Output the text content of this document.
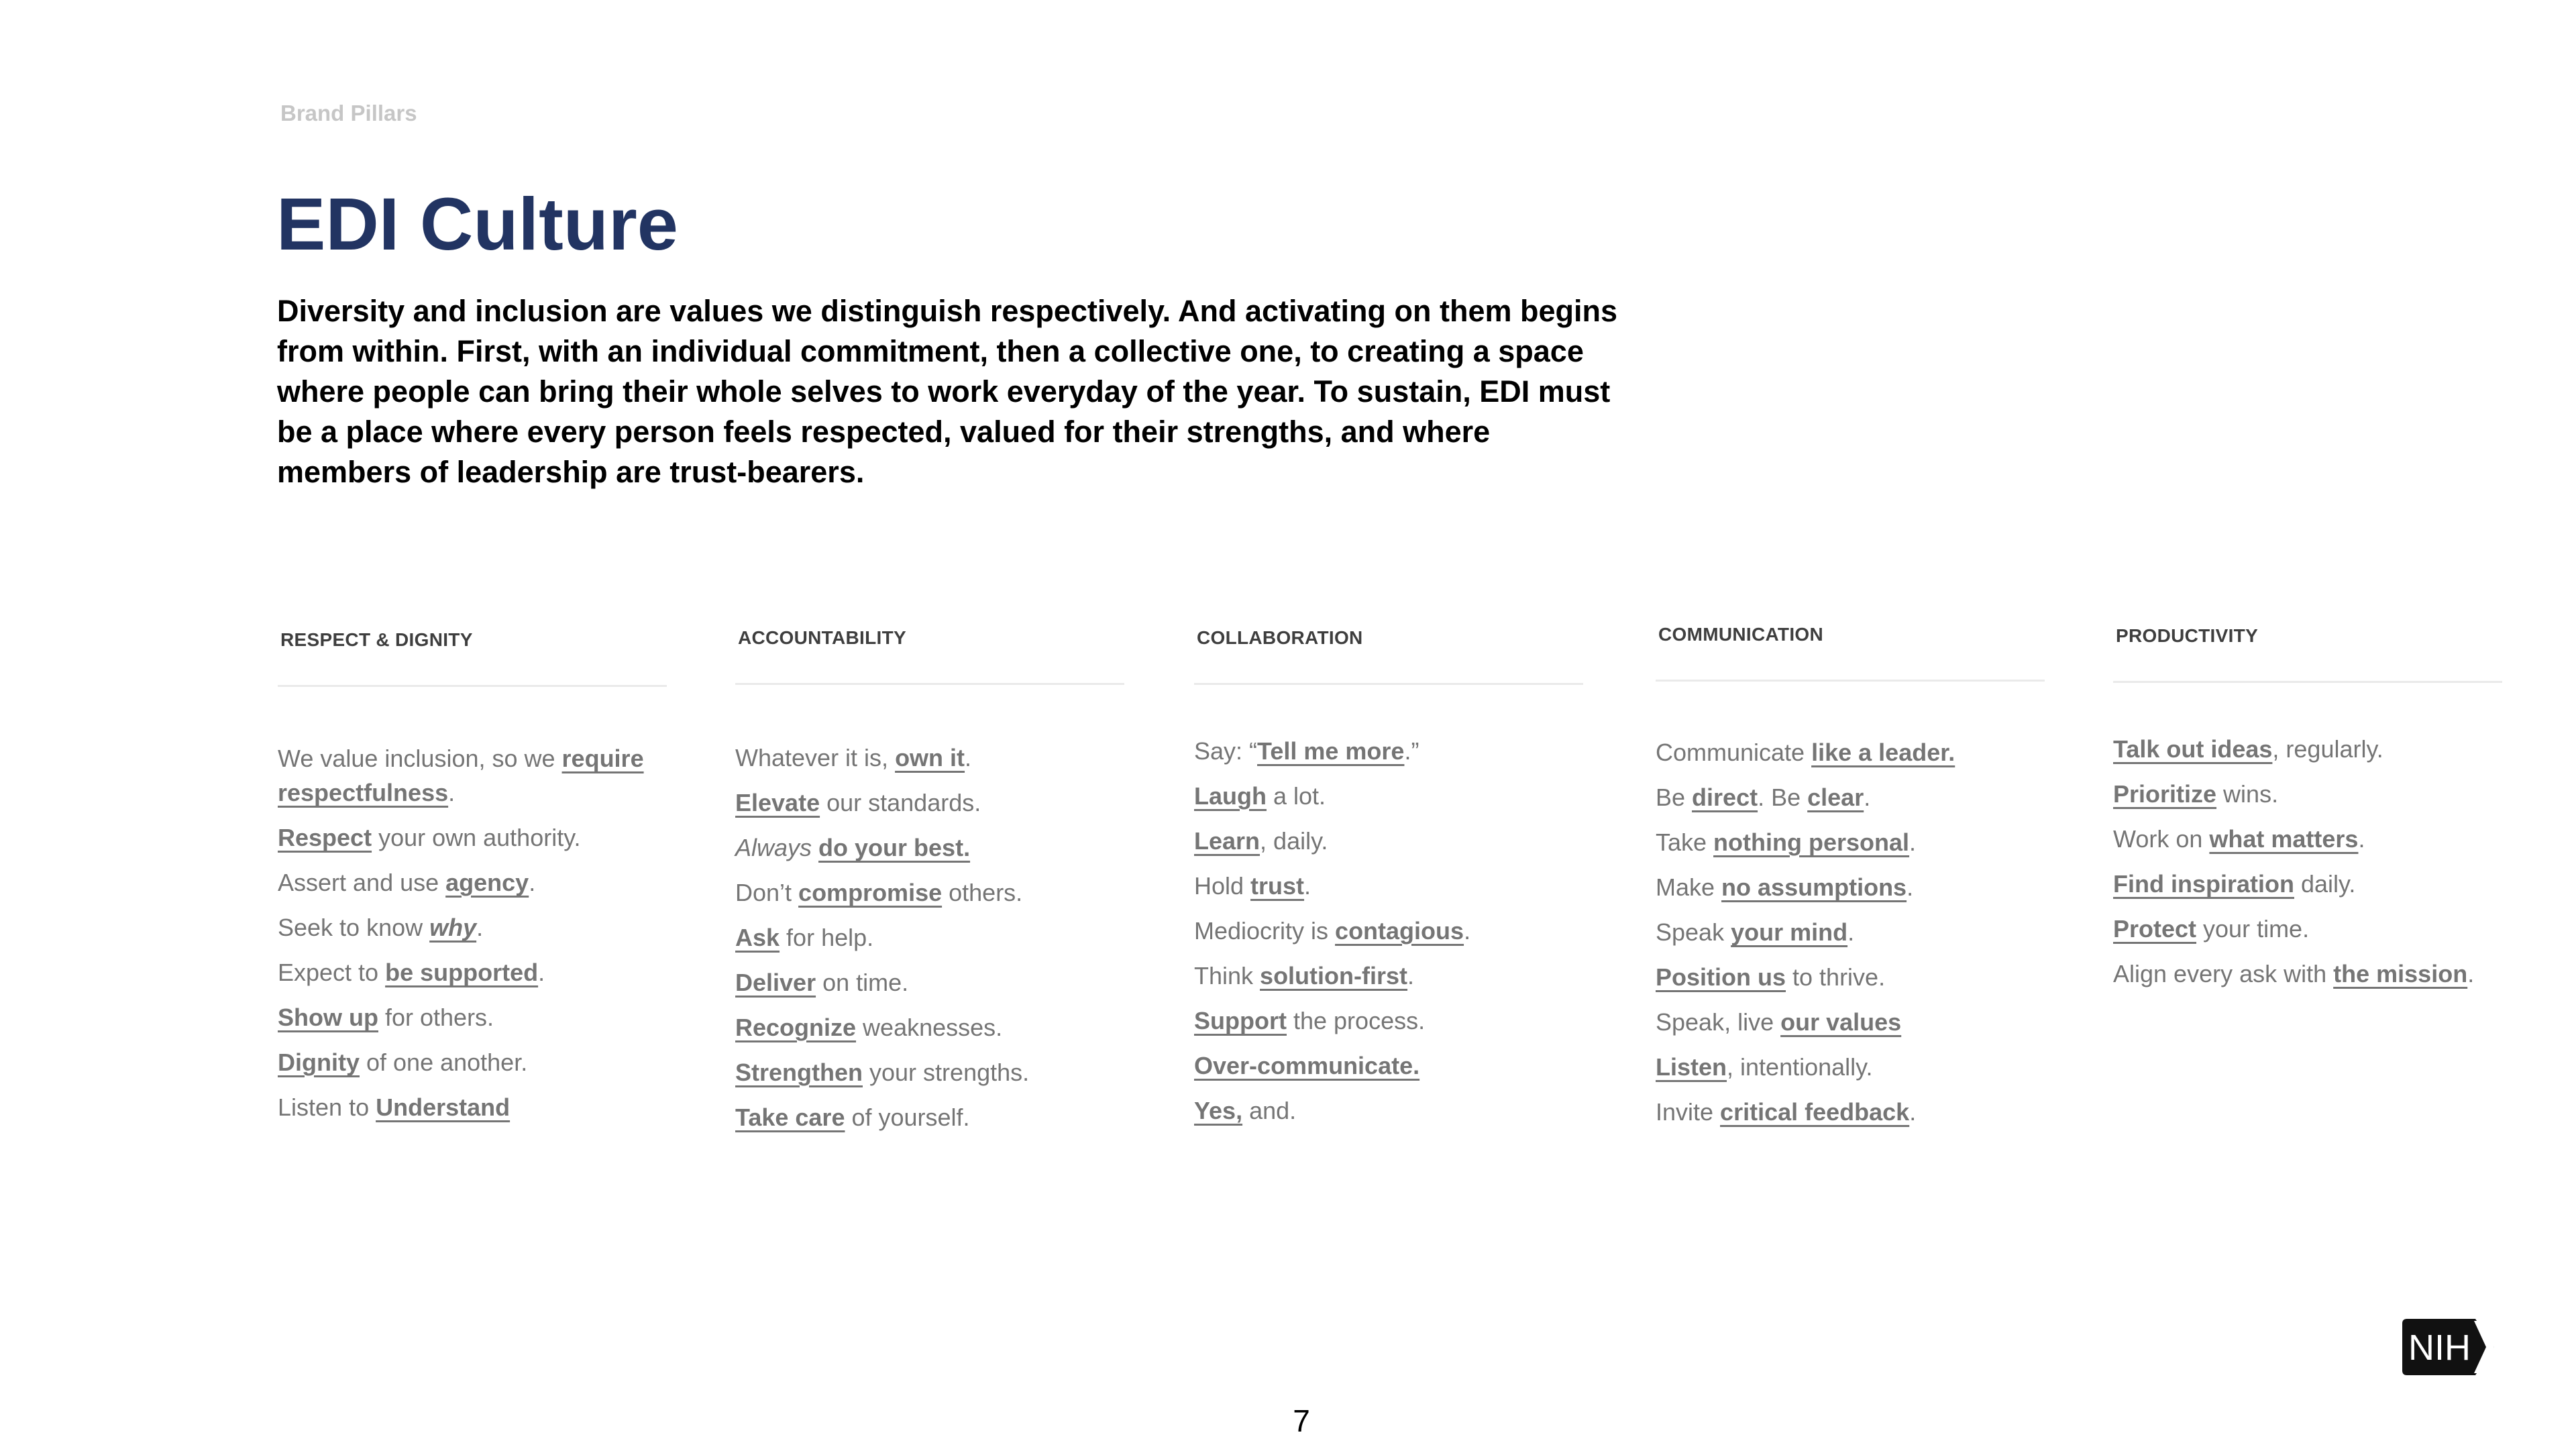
Brand Pillars
EDI Culture

Diversity and inclusion are values we distinguish respectively. And activating on them begins from within. First, with an individual commitment, then a collective one, to creating a space where people can bring their whole selves to work everyday of the year. To sustain, EDI must be a place where every person feels respected, valued for their strengths, and where members of leadership are trust-bearers.

RESPECT & DIGNITY
We value inclusion, so we require
respectfulness.
Respect your own authority.
Assert and use agency.
Seek to know why.
Expect to be supported.
Show up for others.
Dignity of one another.
Listen to Understand
ACCOUNTABILITY
Whatever it is, own it.
Elevate our standards.
Always do your best.
Don’t compromise others.
Ask for help.
Deliver on time.
Recognize weaknesses.
Strengthen your strengths.
Take care of yourself.
COLLABORATION
Say: “Tell me more.”
Laugh a lot.
Learn, daily.
Hold trust.
Mediocrity is contagious.
Think solution-first.
Support the process.
Over-communicate.
Yes, and.
COMMUNICATION
Communicate like a leader.
Be direct. Be clear.
Take nothing personal.
Make no assumptions.
Speak your mind.
Position us to thrive.
Speak, live our values
Listen, intentionally.
Invite critical feedback.
PRODUCTIVITY
Talk out ideas, regularly.
Prioritize wins.
Work on what matters.
Find inspiration daily.
Protect your time.
Align every ask with the mission.
NIH
7
